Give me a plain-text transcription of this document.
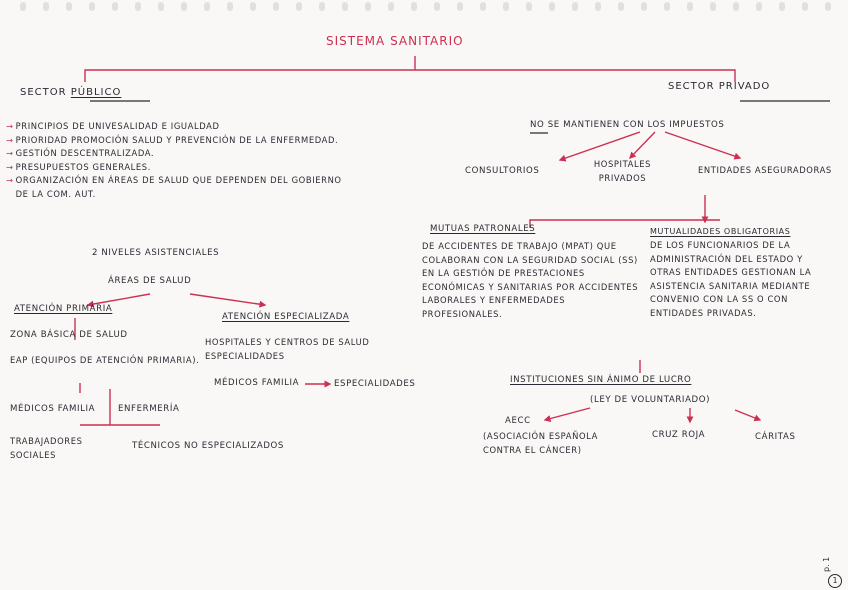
SISTEMA SANITARIO
SECTOR PÚBLICO
→ PRINCIPIOS DE UNIVESALIDAD E IGUALDAD
→ PRIORIDAD PROMOCIÓN SALUD Y PREVENCIÓN DE LA ENFERMEDAD.
→ GESTIÓN DESCENTRALIZADA.
→ PRESUPUESTOS GENERALES.
→ ORGANIZACIÓN EN ÁREAS DE SALUD QUE DEPENDEN DEL GOBIERNO DE LA COM. AUT.
2 NIVELES ASISTENCIALES
ÁREAS DE SALUD
ATENCIÓN PRIMARIA
ZONA BÁSICA DE SALUD
EAP (EQUIPOS DE ATENCIÓN PRIMARIA).
MÉDICOS FAMILIA	ENFERMERÍA
TRABAJADORES SOCIALES
TÉCNICOS NO ESPECIALIZADOS
ATENCIÓN ESPECIALIZADA
HOSPITALES Y CENTROS DE SALUD ESPECIALIDADES
MÉDICOS FAMILIA	ESPECIALIDADES
SECTOR PRIVADO
NO SE MANTIENEN CON LOS IMPUESTOS
CONSULTORIOS
HOSPITALES PRIVADOS
ENTIDADES ASEGURADORAS
MUTUAS PATRONALES
DE ACCIDENTES DE TRABAJO (MPAT) QUE COLABORAN CON LA SEGURIDAD SOCIAL (SS) EN LA GESTIÓN DE PRESTACIONES ECONÓMICAS Y SANITARIAS POR ACCIDENTES LABORALES Y ENFERMEDADES PROFESIONALES.
MUTUALIDADES OBLIGATORIAS
DE LOS FUNCIONARIOS DE LA ADMINISTRACIÓN DEL ESTADO Y OTRAS ENTIDADES GESTIONAN LA ASISTENCIA SANITARIA MEDIANTE CONVENIO CON LA SS O CON ENTIDADES PRIVADAS.
INSTITUCIONES SIN ÁNIMO DE LUCRO
(LEY DE VOLUNTARIADO)
AECC
(ASOCIACIÓN ESPAÑOLA CONTRA EL CÁNCER)
CRUZ ROJA	CÁRITAS
p. 1
1
